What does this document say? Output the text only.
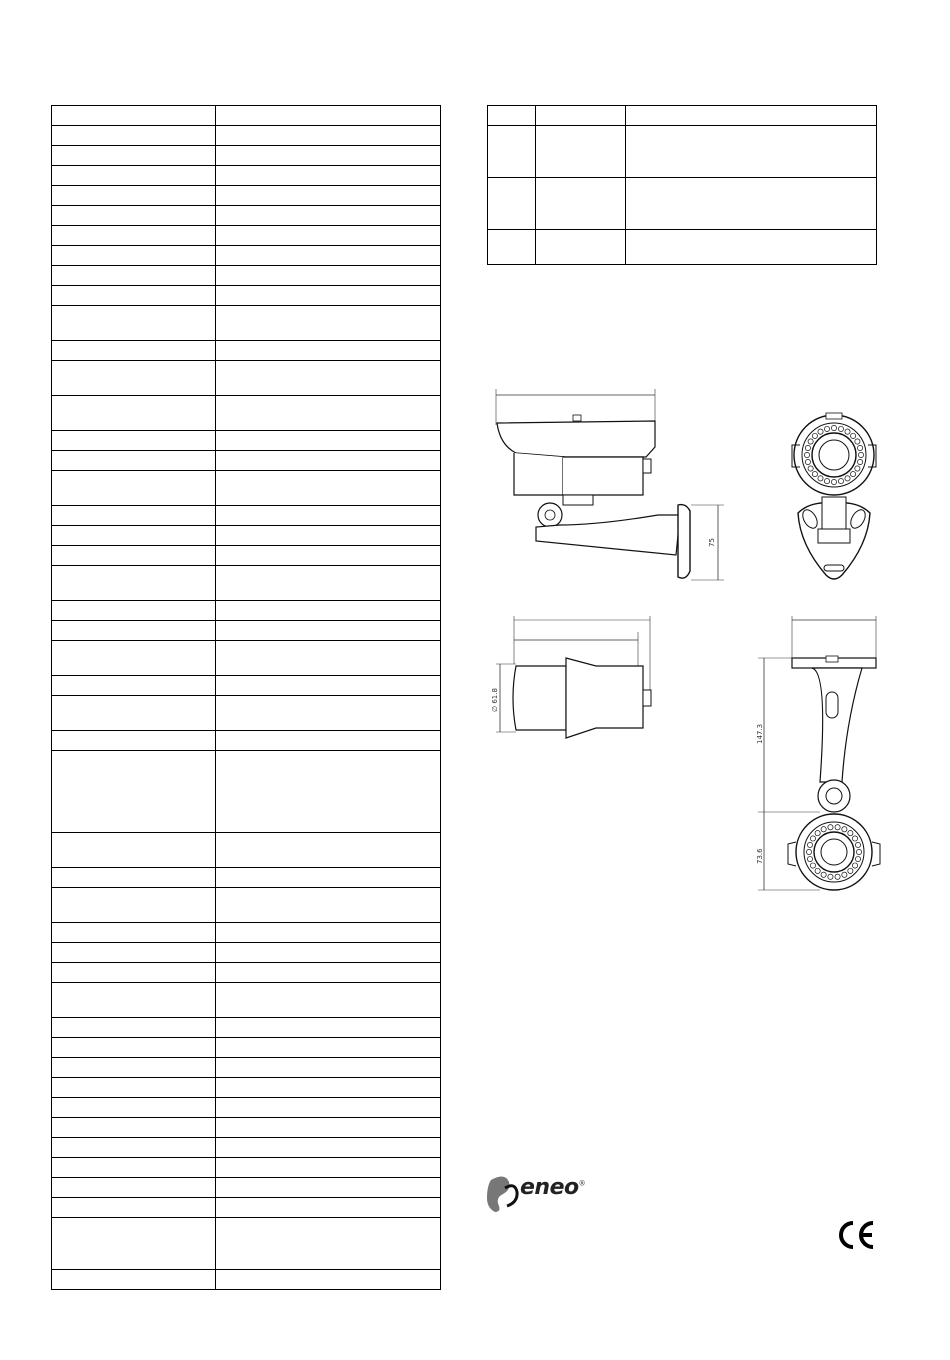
75
∅ 61.8
147.3
73.6
eneo®
